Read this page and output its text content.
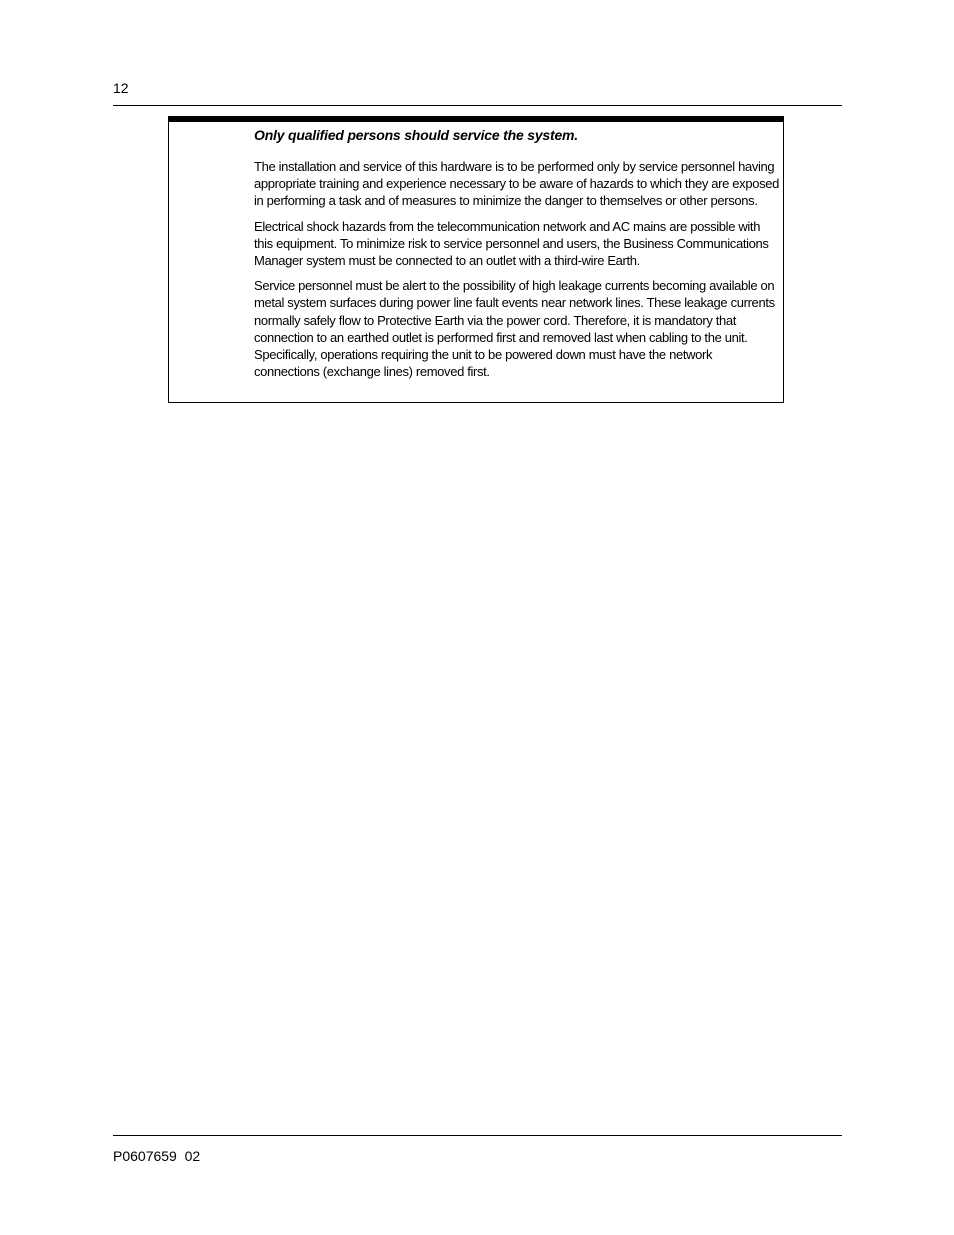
12

Only qualified persons should service the system.

The installation and service of this hardware is to be performed only by service personnel having appropriate training and experience necessary to be aware of hazards to which they are exposed in performing a task and of measures to minimize the danger to themselves or other persons.

Electrical shock hazards from the telecommunication network and AC mains are possible with this equipment. To minimize risk to service personnel and users, the Business Communications Manager system must be connected to an outlet with a third-wire Earth.

Service personnel must be alert to the possibility of high leakage currents becoming available on metal system surfaces during power line fault events near network lines. These leakage currents normally safely flow to Protective Earth via the power cord. Therefore, it is mandatory that connection to an earthed outlet is performed first and removed last when cabling to the unit. Specifically, operations requiring the unit to be powered down must have the network connections (exchange lines) removed first.

P0607659  02
